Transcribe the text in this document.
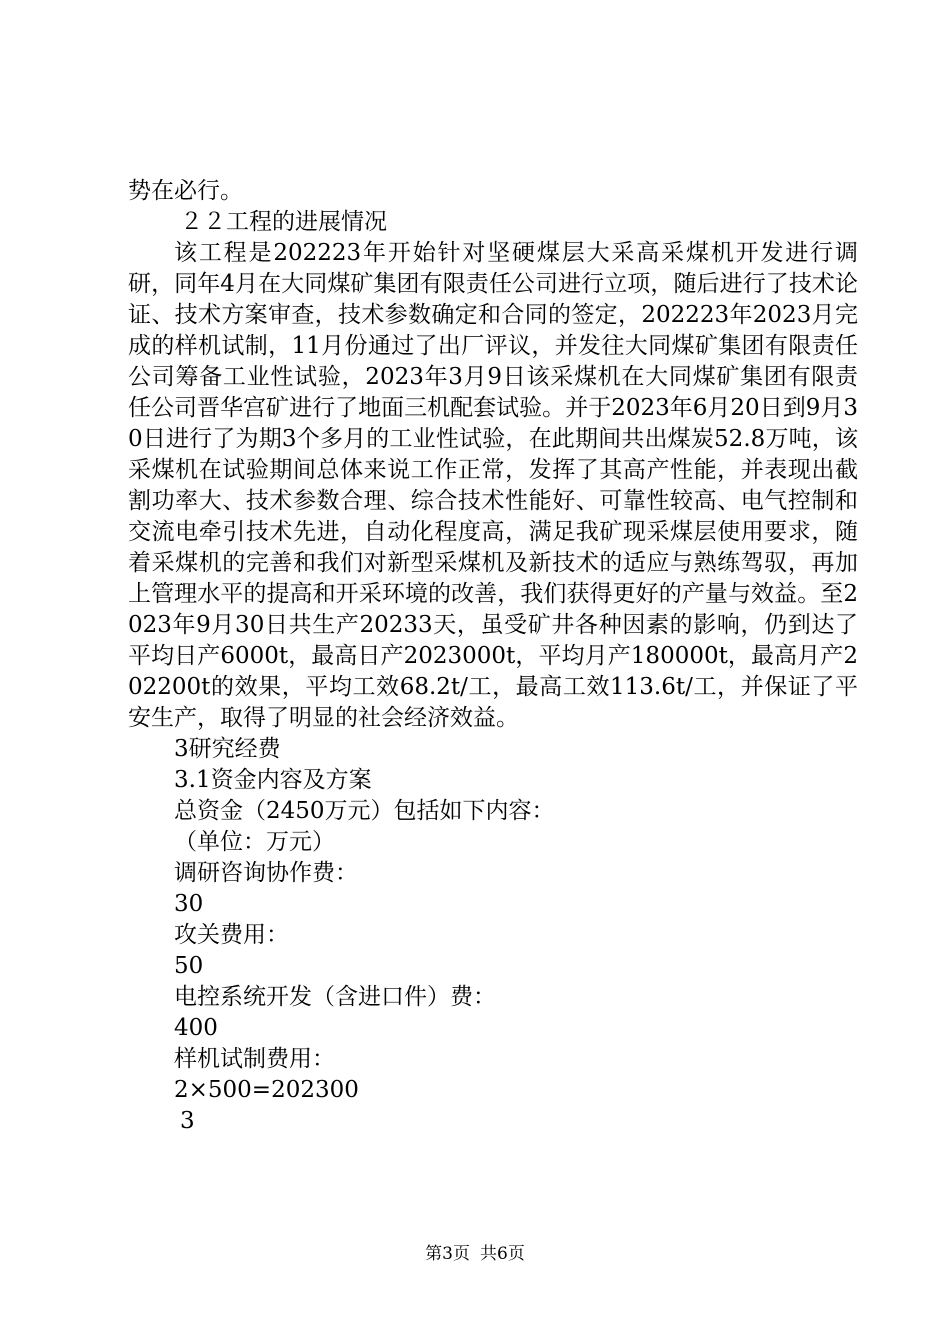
势在必行。

２２工程的进展情况

该工程是202223年开始针对坚硬煤层大采高采煤机开发进行调研，同年4月在大同煤矿集团有限责任公司进行立项，随后进行了技术论证、技术方案审查，技术参数确定和合同的签定，202223年2023月完成的样机试制，11月份通过了出厂评议，并发往大同煤矿集团有限责任公司筹备工业性试验，2023年3月9日该采煤机在大同煤矿集团有限责任公司晋华宫矿进行了地面三机配套试验。并于2023年6月20日到9月30日进行了为期3个多月的工业性试验，在此期间共出煤炭52.8万吨，该采煤机在试验期间总体来说工作正常，发挥了其高产性能，并表现出截割功率大、技术参数合理、综合技术性能好、可靠性较高、电气控制和交流电牵引技术先进，自动化程度高，满足我矿现采煤层使用要求，随着采煤机的完善和我们对新型采煤机及新技术的适应与熟练驾驭，再加上管理水平的提高和开采环境的改善，我们获得更好的产量与效益。至2023年9月30日共生产20233天，虽受矿井各种因素的影响，仍到达了平均日产6000t，最高日产2023000t，平均月产180000t，最高月产202200t的效果，平均工效68.2t/工，最高工效113.6t/工，并保证了平安生产，取得了明显的社会经济效益。

3研究经费
3.1资金内容及方案
总资金（2450万元）包括如下内容：
（单位：万元）
调研咨询协作费：
30
攻关费用：
50
电控系统开发（含进口件）费：
400
样机试制费用：
2×500=202300
3
第3页 共6页
